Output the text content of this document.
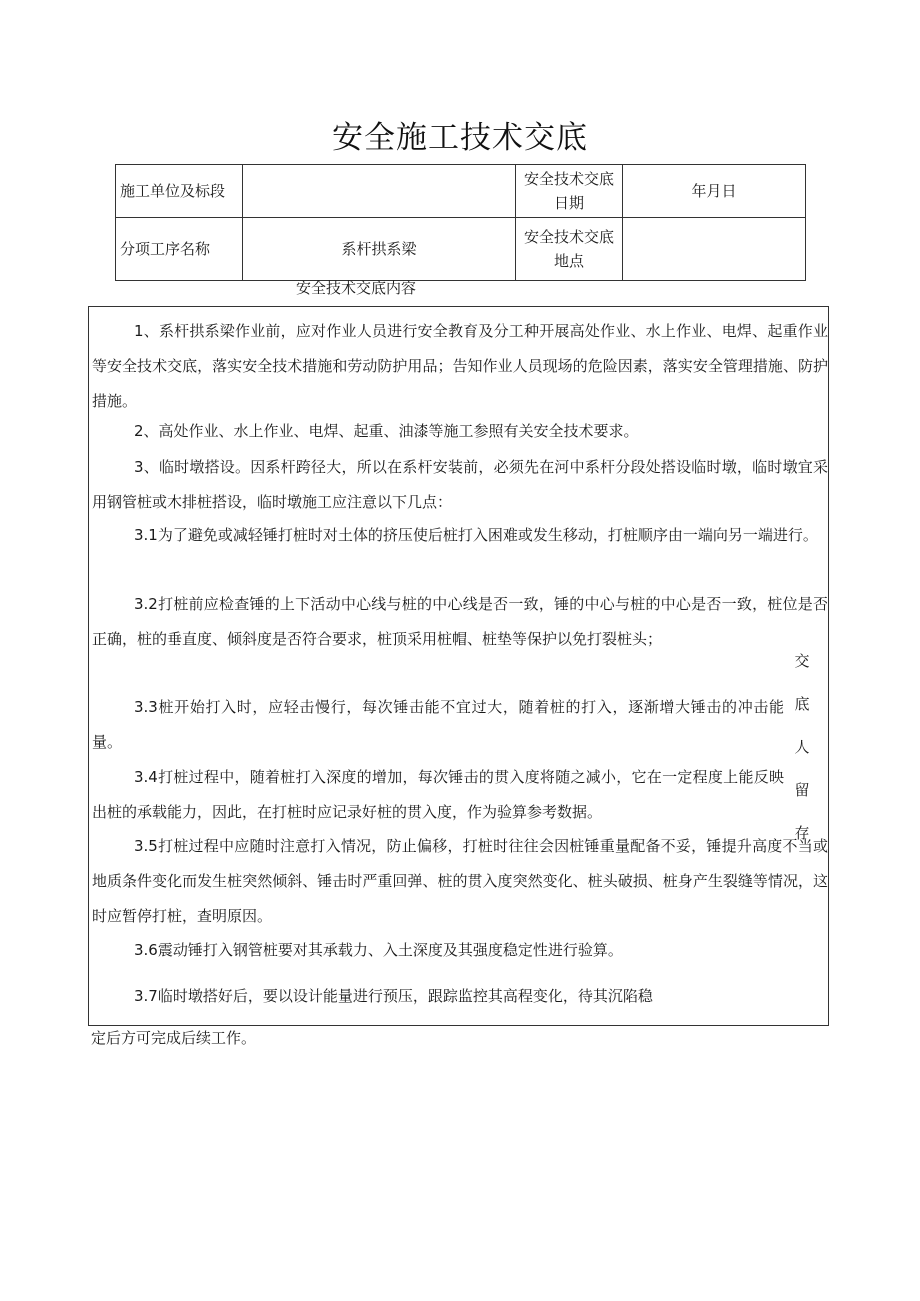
安全施工技术交底
施工单位及标段		安全技术交底日期	年月日
分项工序名称	系杆拱系梁	安全技术交底地点	
安全技术交底内容

1、系杆拱系梁作业前，应对作业人员进行安全教育及分工种开展高处作业、水上作业、电焊、起重作业等安全技术交底，落实安全技术措施和劳动防护用品；告知作业人员现场的危险因素，落实安全管理措施、防护措施。

2、高处作业、水上作业、电焊、起重、油漆等施工参照有关安全技术要求。

3、临时墩搭设。因系杆跨径大，所以在系杆安装前，必须先在河中系杆分段处搭设临时墩，临时墩宜采用钢管桩或木排桩搭设，临时墩施工应注意以下几点：

3.1为了避免或减轻锤打桩时对土体的挤压使后桩打入困难或发生移动，打桩顺序由一端向另一端进行。

3.2打桩前应检查锤的上下活动中心线与桩的中心线是否一致，锤的中心与桩的中心是否一致，桩位是否正确，桩的垂直度、倾斜度是否符合要求，桩顶采用桩帽、桩垫等保护以免打裂桩头；

3.3桩开始打入时，应轻击慢行，每次锤击能不宜过大，随着桩的打入，逐渐增大锤击的冲击能量。

3.4打桩过程中，随着桩打入深度的增加，每次锤击的贯入度将随之减小，它在一定程度上能反映出桩的承载能力，因此，在打桩时应记录好桩的贯入度，作为验算参考数据。

3.5打桩过程中应随时注意打入情况，防止偏移，打桩时往往会因桩锤重量配备不妥，锤提升高度不当或地质条件变化而发生桩突然倾斜、锤击时严重回弹、桩的贯入度突然变化、桩头破损、桩身产生裂缝等情况，这时应暂停打桩，查明原因。

3.6震动锤打入钢管桩要对其承载力、入土深度及其强度稳定性进行验算。

3.7临时墩搭好后，要以设计能量进行预压，跟踪监控其高程变化，待其沉陷稳

交
底
人
留
存
定后方可完成后续工作。
